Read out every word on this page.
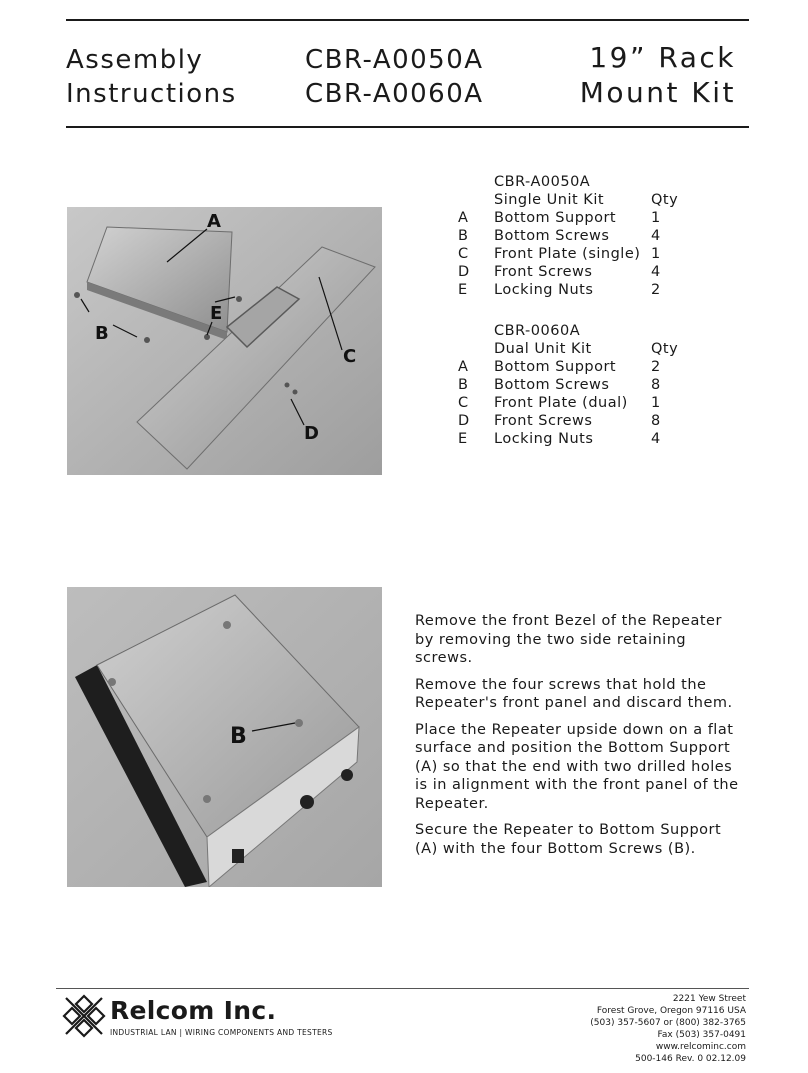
Assembly
Instructions
CBR-A0050A
CBR-A0060A
19” Rack
Mount Kit
A
B
E
C
D
CBR-A0050A
Single Unit Kit	Qty
A	Bottom Support	1
B	Bottom Screws	4
C	Front Plate (single) 1
D	Front Screws	4
E	Locking Nuts	2
CBR-0060A
Dual Unit Kit	Qty
A	Bottom Support	2
B	Bottom Screws	8
C	Front Plate (dual)	1
D	Front Screws	8
E	Locking Nuts	4
B

Remove the front Bezel of the Repeater by removing the two side retaining screws.

Remove the four screws that hold the Repeater's front panel and discard them.

Place the Repeater upside down on a flat surface and position the Bottom Support (A) so that the end with two drilled holes is in alignment with the front panel of the Repeater.

Secure the Repeater to Bottom Support (A) with the four Bottom Screws (B).

Relcom Inc.
INDUSTRIAL LAN | WIRING COMPONENTS AND TESTERS
2221 Yew Street
Forest Grove, Oregon 97116 USA
(503) 357-5607 or (800) 382-3765
Fax (503) 357-0491
www.relcominc.com
500-146 Rev. 0 02.12.09
